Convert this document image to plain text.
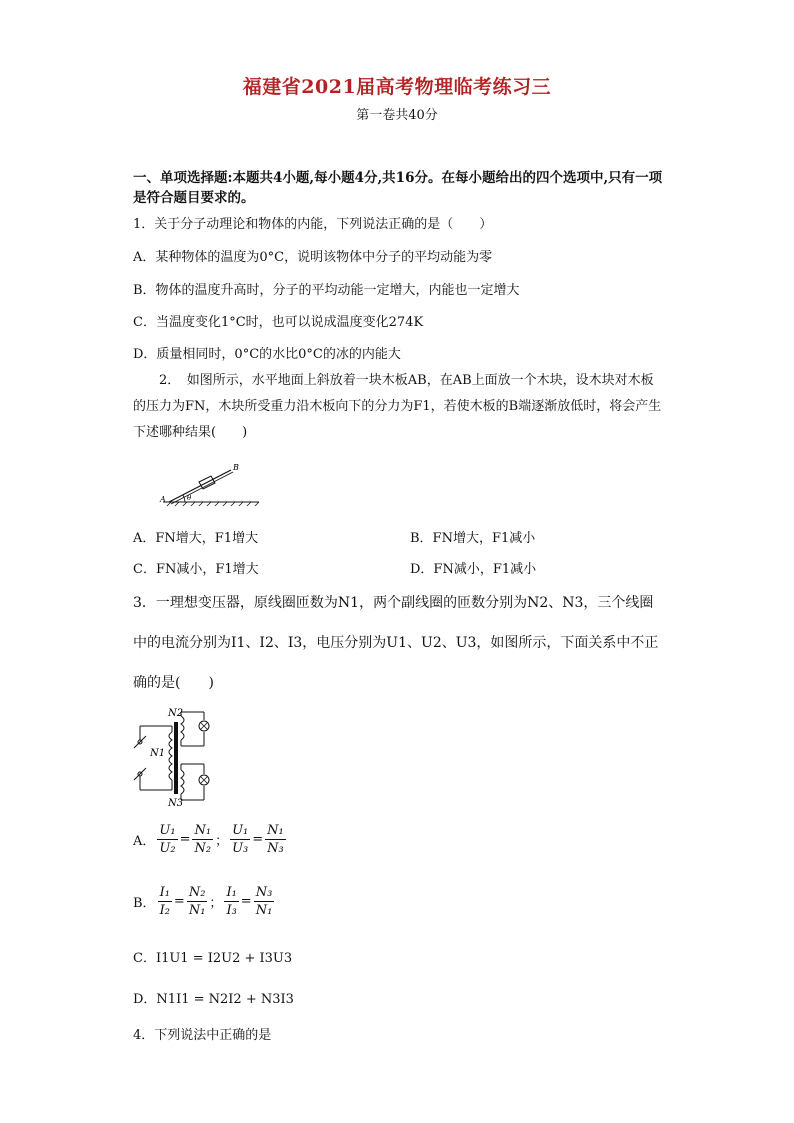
福建省2021届高考物理临考练习三
第一卷共40分
一、单项选择题:本题共4小题,每小题4分,共16分。在每小题给出的四个选项中,只有一项是符合题目要求的。
1．关于分子动理论和物体的内能，下列说法正确的是（　　）
A．某种物体的温度为0°C，说明该物体中分子的平均动能为零
B．物体的温度升高时，分子的平均动能一定增大，内能也一定增大
C．当温度变化1°C时，也可以说成温度变化274K
D．质量相同时，0°C的水比0°C的冰的内能大
2．　如图所示，水平地面上斜放着一块木板AB，在AB上面放一个木块，设木块对木板的压力为FN，木块所受重力沿木板向下的分力为F1，若使木板的B端逐渐放低时，将会产生下述哪种结果(　　)
A
B
θ
A．FN增大，F1增大	B．FN增大，F1减小
C．FN减小，F1增大	D．FN减小，F1减小
3．一理想变压器，原线圈匝数为N1，两个副线圈的匝数分别为N2、N3，三个线圈中的电流分别为I1、I2、I3，电压分别为U1、U2、U3，如图所示，下面关系中不正确的是(　　)
N2
N1
N3
A． $\frac{\text{U₁}}{\text{U₂}} = \frac{\text{N₁}}{\text{N₂}}$ ； $\frac{\text{U₁}}{\text{U₃}} = \frac{\text{N₁}}{\text{N₃}}$
B． $\frac{\text{I₁}}{\text{I₂}} = \frac{\text{N₂}}{\text{N₁}}$ ； $\frac{\text{I₁}}{\text{I₃}} = \frac{\text{N₃}}{\text{N₁}}$
C．I1U1 = I2U2 + I3U3
D．N1I1 = N2I2 + N3I3
4．下列说法中正确的是
